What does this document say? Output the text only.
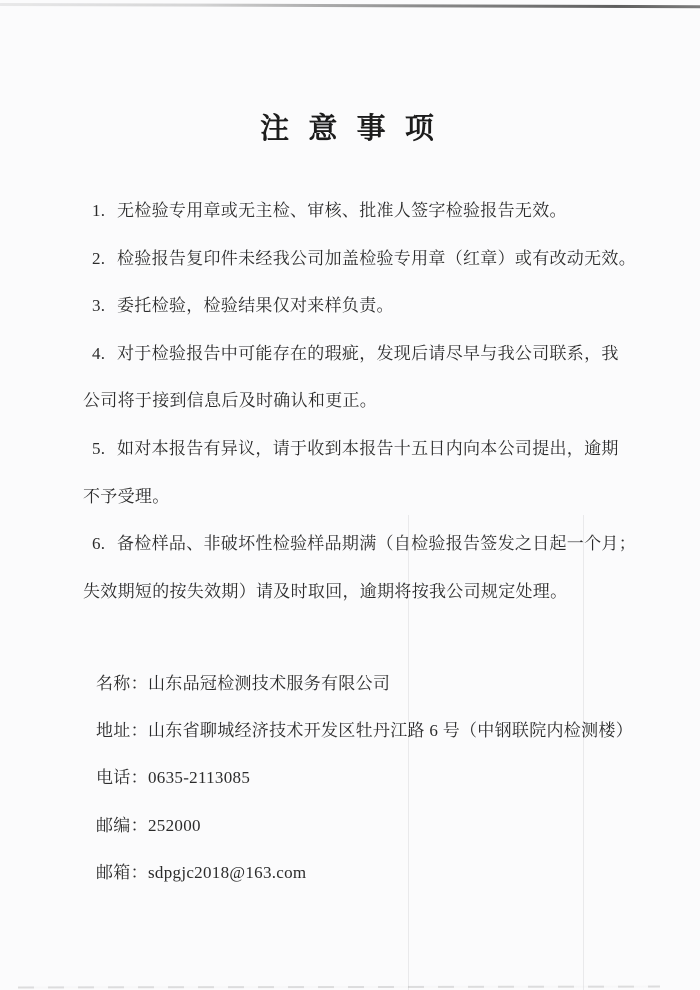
注 意 事 项
1. 无检验专用章或无主检、审核、批准人签字检验报告无效。
2. 检验报告复印件未经我公司加盖检验专用章（红章）或有改动无效。
3. 委托检验，检验结果仅对来样负责。
4. 对于检验报告中可能存在的瑕疵，发现后请尽早与我公司联系，我
公司将于接到信息后及时确认和更正。
5. 如对本报告有异议，请于收到本报告十五日内向本公司提出，逾期
不予受理。
6. 备检样品、非破坏性检验样品期满（自检验报告签发之日起一个月；
失效期短的按失效期）请及时取回，逾期将按我公司规定处理。
名称：山东品冠检测技术服务有限公司
地址：山东省聊城经济技术开发区牡丹江路 6 号（中钢联院内检测楼）
电话：0635-2113085
邮编：252000
邮箱：sdpgjc2018@163.com
